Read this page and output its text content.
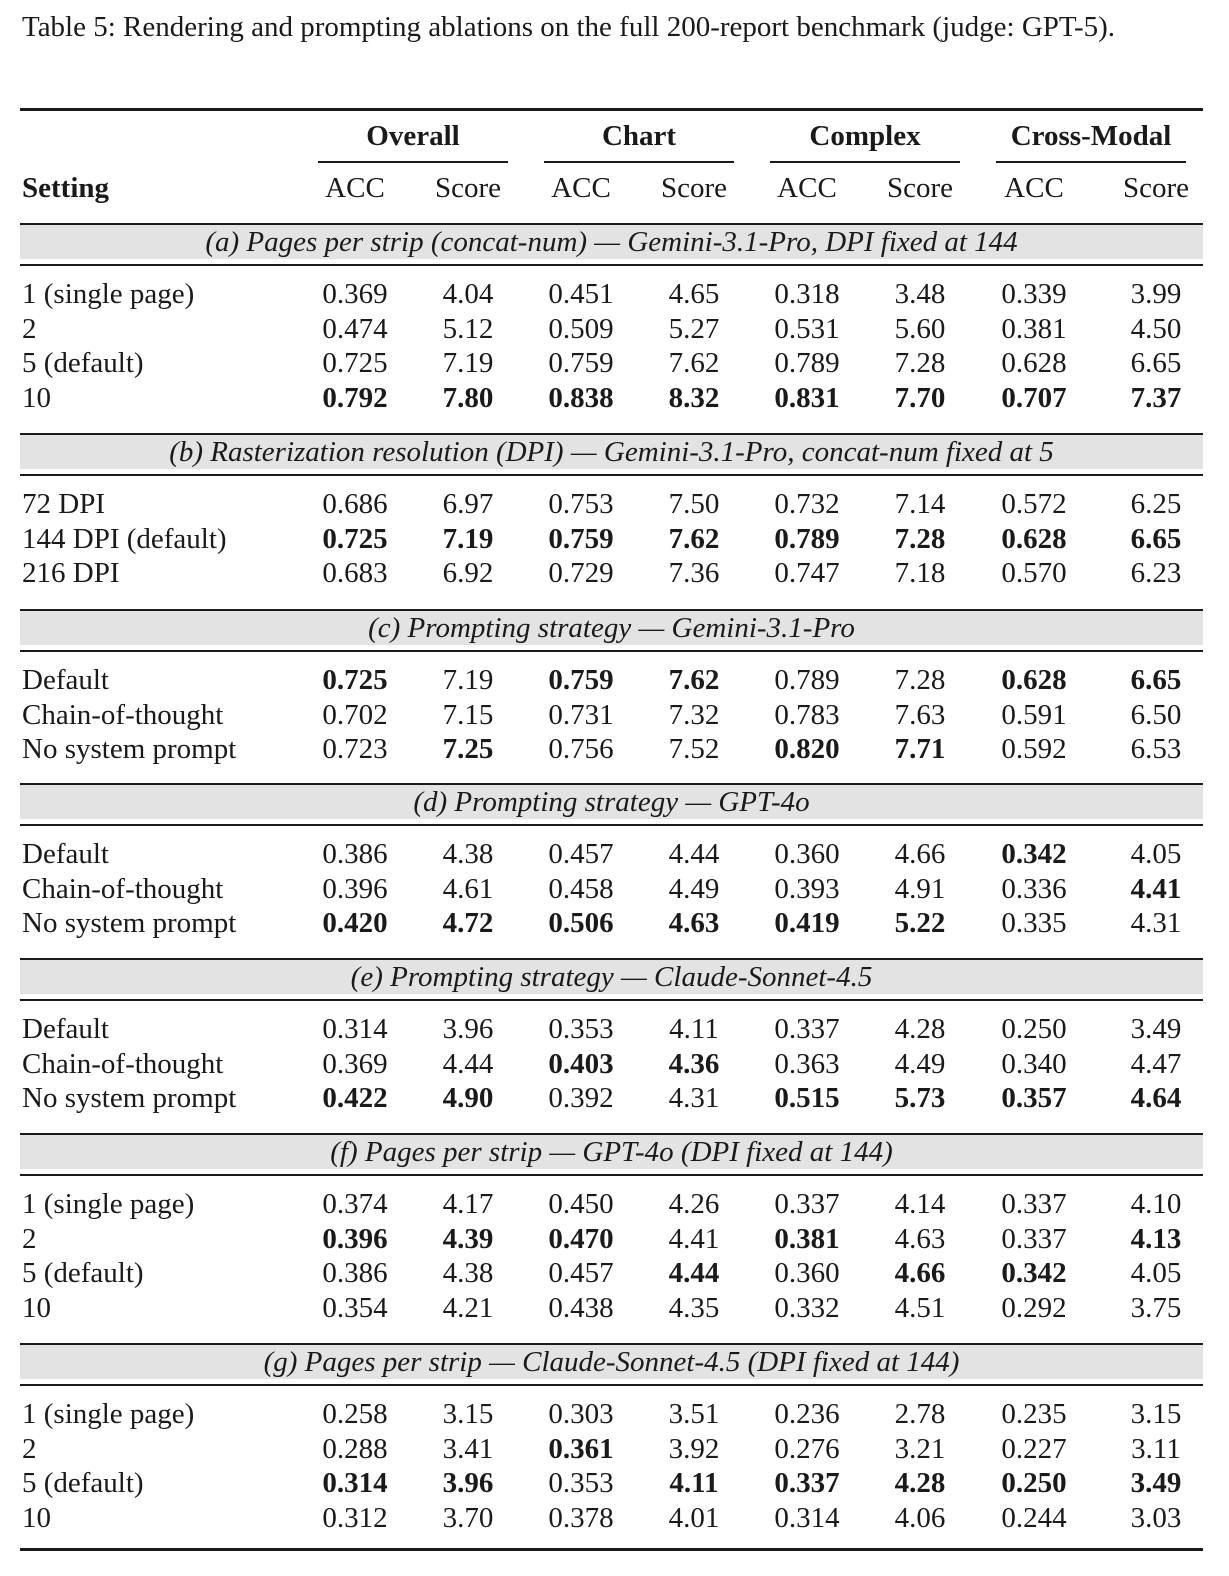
Table 5: Rendering and prompting ablations on the full 200-report benchmark (judge: GPT-5).
Setting
Overall	Chart	Complex	Cross-Modal
ACC	Score	ACC	Score	ACC	Score	ACC	Score
(a) Pages per strip (concat-num) — Gemini-3.1-Pro, DPI fixed at 144
1 (single page)	0.369	4.04	0.451	4.65	0.318	3.48	0.339	3.99
2	0.474	5.12	0.509	5.27	0.531	5.60	0.381	4.50
5 (default)	0.725	7.19	0.759	7.62	0.789	7.28	0.628	6.65
10	0.792	7.80	0.838	8.32	0.831	7.70	0.707	7.37
(b) Rasterization resolution (DPI) — Gemini-3.1-Pro, concat-num fixed at 5
72 DPI	0.686	6.97	0.753	7.50	0.732	7.14	0.572	6.25
144 DPI (default)	0.725	7.19	0.759	7.62	0.789	7.28	0.628	6.65
216 DPI	0.683	6.92	0.729	7.36	0.747	7.18	0.570	6.23
(c) Prompting strategy — Gemini-3.1-Pro
Default	0.725	7.19	0.759	7.62	0.789	7.28	0.628	6.65
Chain-of-thought	0.702	7.15	0.731	7.32	0.783	7.63	0.591	6.50
No system prompt	0.723	7.25	0.756	7.52	0.820	7.71	0.592	6.53
(d) Prompting strategy — GPT-4o
Default	0.386	4.38	0.457	4.44	0.360	4.66	0.342	4.05
Chain-of-thought	0.396	4.61	0.458	4.49	0.393	4.91	0.336	4.41
No system prompt	0.420	4.72	0.506	4.63	0.419	5.22	0.335	4.31
(e) Prompting strategy — Claude-Sonnet-4.5
Default	0.314	3.96	0.353	4.11	0.337	4.28	0.250	3.49
Chain-of-thought	0.369	4.44	0.403	4.36	0.363	4.49	0.340	4.47
No system prompt	0.422	4.90	0.392	4.31	0.515	5.73	0.357	4.64
(f) Pages per strip — GPT-4o (DPI fixed at 144)
1 (single page)	0.374	4.17	0.450	4.26	0.337	4.14	0.337	4.10
2	0.396	4.39	0.470	4.41	0.381	4.63	0.337	4.13
5 (default)	0.386	4.38	0.457	4.44	0.360	4.66	0.342	4.05
10	0.354	4.21	0.438	4.35	0.332	4.51	0.292	3.75
(g) Pages per strip — Claude-Sonnet-4.5 (DPI fixed at 144)
1 (single page)	0.258	3.15	0.303	3.51	0.236	2.78	0.235	3.15
2	0.288	3.41	0.361	3.92	0.276	3.21	0.227	3.11
5 (default)	0.314	3.96	0.353	4.11	0.337	4.28	0.250	3.49
10	0.312	3.70	0.378	4.01	0.314	4.06	0.244	3.03
